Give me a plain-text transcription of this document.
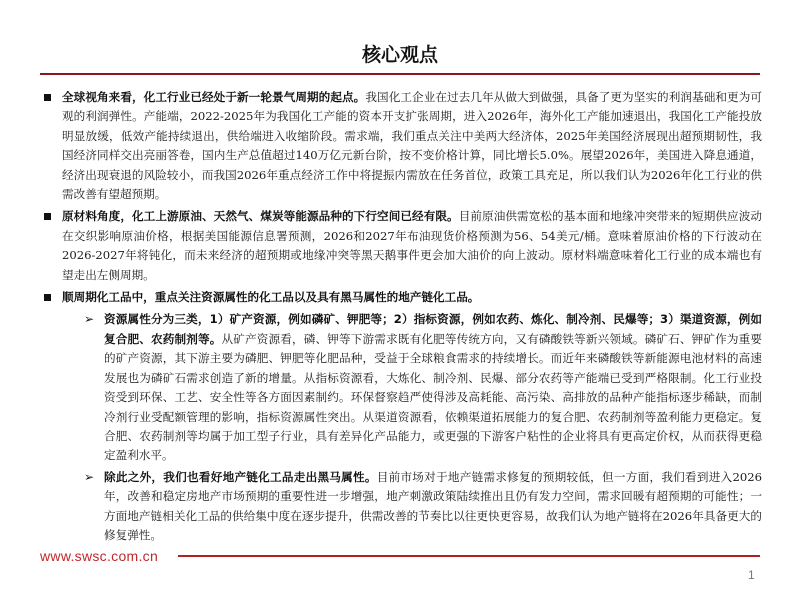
核心观点

全球视角来看，化工行业已经处于新一轮景气周期的起点。我国化工企业在过去几年从做大到做强，具备了更为坚实的利润基础和更为可观的利润弹性。产能端，2022-2025年为我国化工产能的资本开支扩张周期，进入2026年，海外化工产能加速退出，我国化工产能投放明显放缓，低效产能持续退出，供给端进入收缩阶段。需求端，我们重点关注中美两大经济体，2025年美国经济展现出超预期韧性，我国经济同样交出亮丽答卷，国内生产总值超过140万亿元新台阶，按不变价格计算，同比增长5.0%。展望2026年，美国进入降息通道，经济出现衰退的风险较小，而我国2026年重点经济工作中将提振内需放在任务首位，政策工具充足，所以我们认为2026年化工行业的供需改善有望超预期。

原材料角度，化工上游原油、天然气、煤炭等能源品种的下行空间已经有限。目前原油供需宽松的基本面和地缘冲突带来的短期供应波动在交织影响原油价格，根据美国能源信息署预测，2026和2027年布油现货价格预测为56、54美元/桶。意味着原油价格的下行波动在2026-2027年将钝化，而未来经济的超预期或地缘冲突等黑天鹅事件更会加大油价的向上波动。原材料端意味着化工行业的成本端也有望走出左侧周期。

顺周期化工品中，重点关注资源属性的化工品以及具有黑马属性的地产链化工品。

➢ 资源属性分为三类，1）矿产资源，例如磷矿、钾肥等；2）指标资源，例如农药、炼化、制冷剂、民爆等；3）渠道资源，例如复合肥、农药制剂等。从矿产资源看，磷、钾等下游需求既有化肥等传统方向，又有磷酸铁等新兴领域。磷矿石、钾矿作为重要的矿产资源，其下游主要为磷肥、钾肥等化肥品种，受益于全球粮食需求的持续增长。而近年来磷酸铁等新能源电池材料的高速发展也为磷矿石需求创造了新的增量。从指标资源看，大炼化、制冷剂、民爆、部分农药等产能端已受到严格限制。化工行业投资受到环保、工艺、安全性等各方面因素制约。环保督察趋严使得涉及高耗能、高污染、高排放的品种产能指标逐步稀缺，而制冷剂行业受配额管理的影响，指标资源属性突出。从渠道资源看，依赖渠道拓展能力的复合肥、农药制剂等盈利能力更稳定。复合肥、农药制剂等均属于加工型子行业，具有差异化产品能力，或更强的下游客户粘性的企业将具有更高定价权，从而获得更稳定盈利水平。

➢ 除此之外，我们也看好地产链化工品走出黑马属性。目前市场对于地产链需求修复的预期较低，但一方面，我们看到进入2026年，改善和稳定房地产市场预期的重要性进一步增强，地产刺激政策陆续推出且仍有发力空间，需求回暖有超预期的可能性；一方面地产链相关化工品的供给集中度在逐步提升，供需改善的节奏比以往更快更容易，故我们认为地产链将在2026年具备更大的修复弹性。

www.swsc.com.cn
1
